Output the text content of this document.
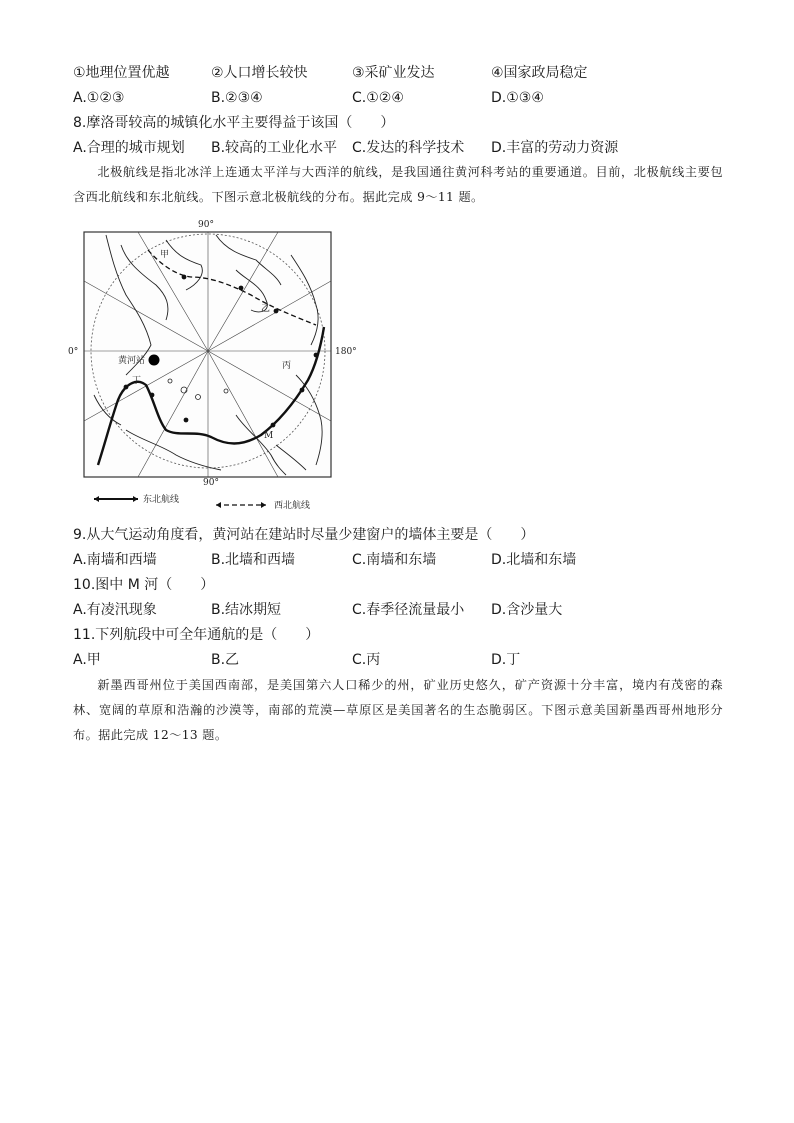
①地理位置优越	②人口增长较快	③采矿业发达	④国家政局稳定
A.①②③	B.②③④	C.①②④	D.①③④
8.摩洛哥较高的城镇化水平主要得益于该国（　　）
A.合理的城市规划 B.较高的工业化水平 C.发达的科学技术 D.丰富的劳动力资源
北极航线是指北冰洋上连通太平洋与大西洋的航线，是我国通往黄河科考站的重要通道。目前，北极航线主要包含西北航线和东北航线。下图示意北极航线的分布。据此完成 9～11 题。
黄河站
甲
乙
丙
丁
M
90°
90°
0°	180°
东北航线
西北航线
9.从大气运动角度看，黄河站在建站时尽量少建窗户的墙体主要是（　　）
A.南墙和西墙	B.北墙和西墙	C.南墙和东墙	D.北墙和东墙
10.图中 M 河（　　）
A.有凌汛现象	B.结冰期短	C.春季径流量最小 D.含沙量大
11.下列航段中可全年通航的是（　　）
A.甲	B.乙	C.丙	D.丁
新墨西哥州位于美国西南部，是美国第六人口稀少的州，矿业历史悠久，矿产资源十分丰富，境内有茂密的森林、宽阔的草原和浩瀚的沙漠等，南部的荒漠—草原区是美国著名的生态脆弱区。下图示意美国新墨西哥州地形分布。据此完成 12～13 题。
